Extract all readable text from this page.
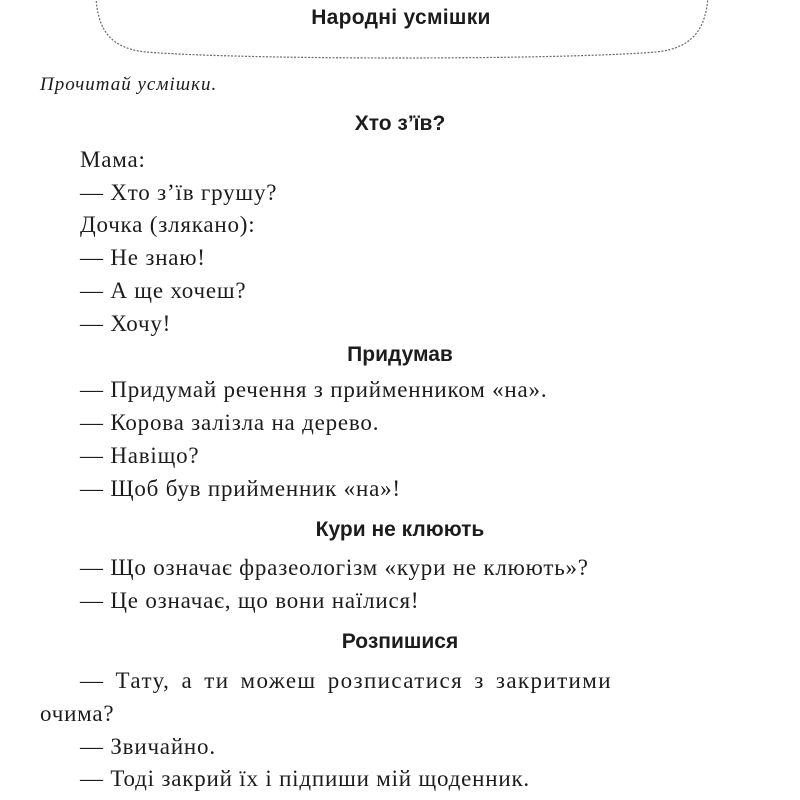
Народні усмішки
Прочитай усмішки.
Хто з’їв?
Мама:
— Хто з’їв грушу?
Дочка (злякано):
— Не знаю!
— А ще хочеш?
— Хочу!
Придумав
— Придумай речення з прийменником «на».
— Корова залізла на дерево.
— Навіщо?
— Щоб був прийменник «на»!
Кури не клюють
— Що означає фразеологізм «кури не клюють»?
— Це означає, що вони наїлися!
Розпишися
— Тату, а ти можеш розписатися з закритими
очима?
— Звичайно.
— Тоді закрий їх і підпиши мій щоденник.
